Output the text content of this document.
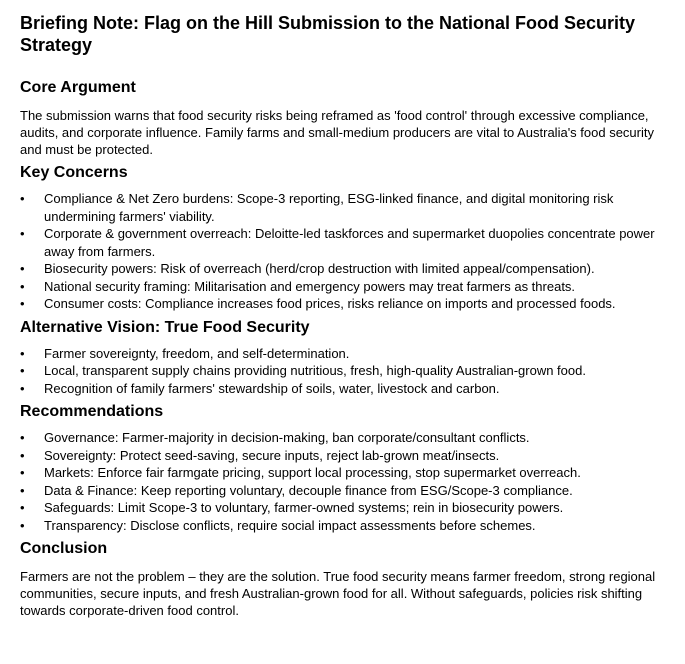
Briefing Note: Flag on the Hill Submission to the National Food Security Strategy
Core Argument

The submission warns that food security risks being reframed as 'food control' through excessive compliance, audits, and corporate influence. Family farms and small-medium producers are vital to Australia's food security and must be protected.

Key Concerns
• Compliance & Net Zero burdens: Scope-3 reporting, ESG-linked finance, and digital monitoring risk undermining farmers' viability.
• Corporate & government overreach: Deloitte-led taskforces and supermarket duopolies concentrate power away from farmers.
• Biosecurity powers: Risk of overreach (herd/crop destruction with limited appeal/compensation).
• National security framing: Militarisation and emergency powers may treat farmers as threats.
• Consumer costs: Compliance increases food prices, risks reliance on imports and processed foods.
Alternative Vision: True Food Security
• Farmer sovereignty, freedom, and self-determination.
• Local, transparent supply chains providing nutritious, fresh, high-quality Australian-grown food.
• Recognition of family farmers' stewardship of soils, water, livestock and carbon.
Recommendations
• Governance: Farmer-majority in decision-making, ban corporate/consultant conflicts.
• Sovereignty: Protect seed-saving, secure inputs, reject lab-grown meat/insects.
• Markets: Enforce fair farmgate pricing, support local processing, stop supermarket overreach.
• Data & Finance: Keep reporting voluntary, decouple finance from ESG/Scope-3 compliance.
• Safeguards: Limit Scope-3 to voluntary, farmer-owned systems; rein in biosecurity powers.
• Transparency: Disclose conflicts, require social impact assessments before schemes.
Conclusion

Farmers are not the problem – they are the solution. True food security means farmer freedom, strong regional communities, secure inputs, and fresh Australian-grown food for all. Without safeguards, policies risk shifting towards corporate-driven food control.
